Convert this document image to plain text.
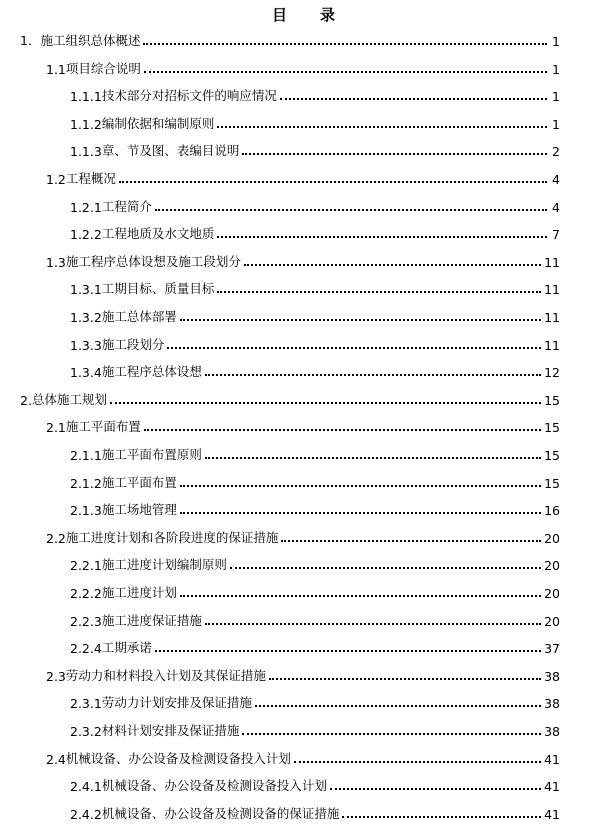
目　　录
1． 施工组织总体概述	1
1.1 项目综合说明	1
1.1.1 技术部分对招标文件的响应情况	1
1.1.2 编制依据和编制原则	1
1.1.3 章、节及图、表编目说明	2
1.2 工程概况	4
1.2.1 工程简介	4
1.2.2 工程地质及水文地质	7
1.3 施工程序总体设想及施工段划分	11
1.3.1 工期目标、质量目标	11
1.3.2 施工总体部署	11
1.3.3 施工段划分	11
1.3.4 施工程序总体设想	12
2. 总体施工规划	15
2.1 施工平面布置	15
2.1.1 施工平面布置原则	15
2.1.2 施工平面布置	15
2.1.3 施工场地管理	16
2.2 施工进度计划和各阶段进度的保证措施	20
2.2.1 施工进度计划编制原则	20
2.2.2 施工进度计划	20
2.2.3 施工进度保证措施	20
2.2.4 工期承诺	37
2.3 劳动力和材料投入计划及其保证措施	38
2.3.1 劳动力计划安排及保证措施	38
2.3.2 材料计划安排及保证措施	38
2.4 机械设备、办公设备及检测设备投入计划	41
2.4.1 机械设备、办公设备及检测设备投入计划	41
2.4.2 机械设备、办公设备及检测设备的保证措施	41
